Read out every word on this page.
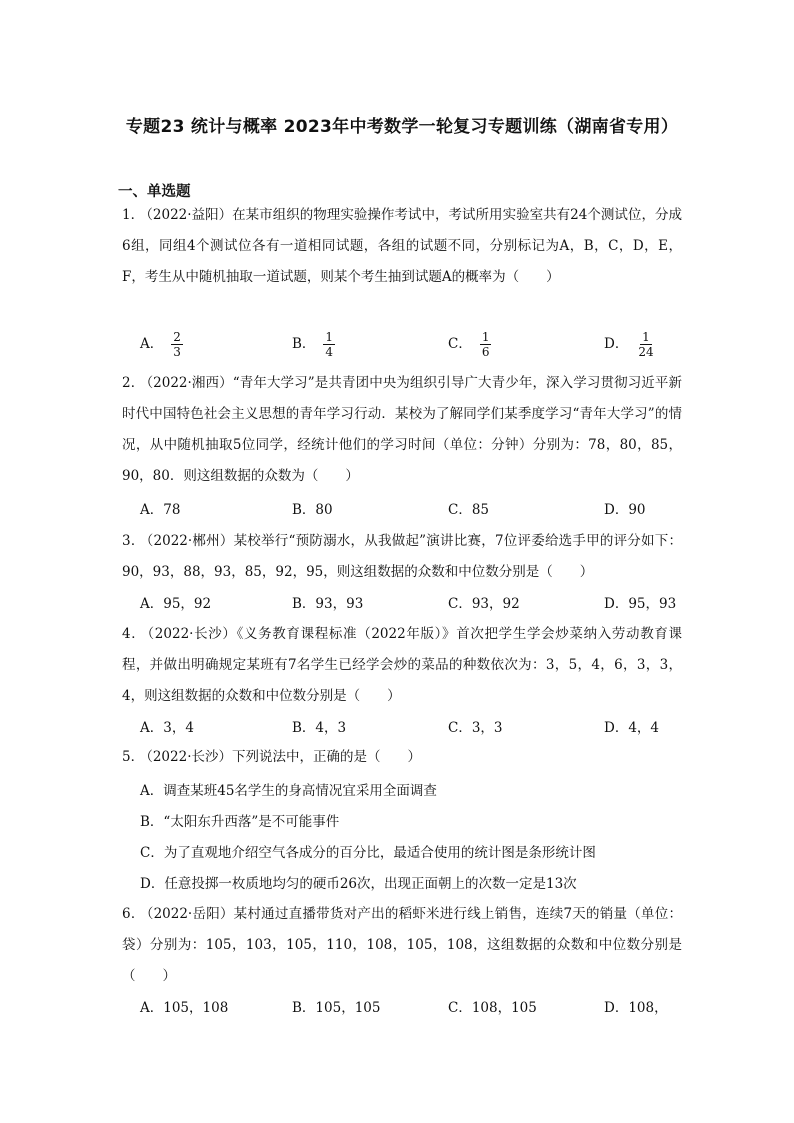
专题23 统计与概率 2023年中考数学一轮复习专题训练（湖南省专用）
一、单选题
1． （2022·益阳）在某市组织的物理实验操作考试中，考试所用实验室共有24个测试位，分成6组，同组4个测试位各有一道相同试题，各组的试题不同，分别标记为A，B，C，D，E，F，考生从中随机抽取一道试题，则某个考生抽到试题A的概率为（　　）
A． $\frac{2}{3}$	B． $\frac{1}{4}$	C． $\frac{1}{6}$	D． $\frac{1}{24}$
2． （2022·湘西）“青年大学习”是共青团中央为组织引导广大青少年，深入学习贯彻习近平新时代中国特色社会主义思想的青年学习行动．某校为了解同学们某季度学习“青年大学习”的情况，从中随机抽取5位同学，经统计他们的学习时间（单位：分钟）分别为：78，80，85，90，80．则这组数据的众数为（　　）
A．78	B．80	C．85	D．90
3． （2022·郴州）某校举行“预防溺水，从我做起”演讲比赛，7位评委给选手甲的评分如下：90，93，88，93，85，92，95，则这组数据的众数和中位数分别是（　　）
A．95，92	B．93，93	C．93，92	D．95，93
4． （2022·长沙）《义务教育课程标准（2022年版）》首次把学生学会炒菜纳入劳动教育课程，并做出明确规定某班有7名学生已经学会炒的菜品的种数依次为：3，5，4，6，3，3，4，则这组数据的众数和中位数分别是（　　）
A．3，4	B．4，3	C．3，3	D．4，4
5． （2022·长沙）下列说法中，正确的是（　　）
A．调查某班45名学生的身高情况宜采用全面调查
B．“太阳东升西落”是不可能事件
C．为了直观地介绍空气各成分的百分比，最适合使用的统计图是条形统计图
D．任意投掷一枚质地均匀的硬币26次，出现正面朝上的次数一定是13次
6． （2022·岳阳）某村通过直播带货对产出的稻虾米进行线上销售，连续7天的销量（单位：袋）分别为：105，103，105，110，108，105，108，这组数据的众数和中位数分别是（　　）
A．105，108	B．105，105	C．108，105	D．108，
